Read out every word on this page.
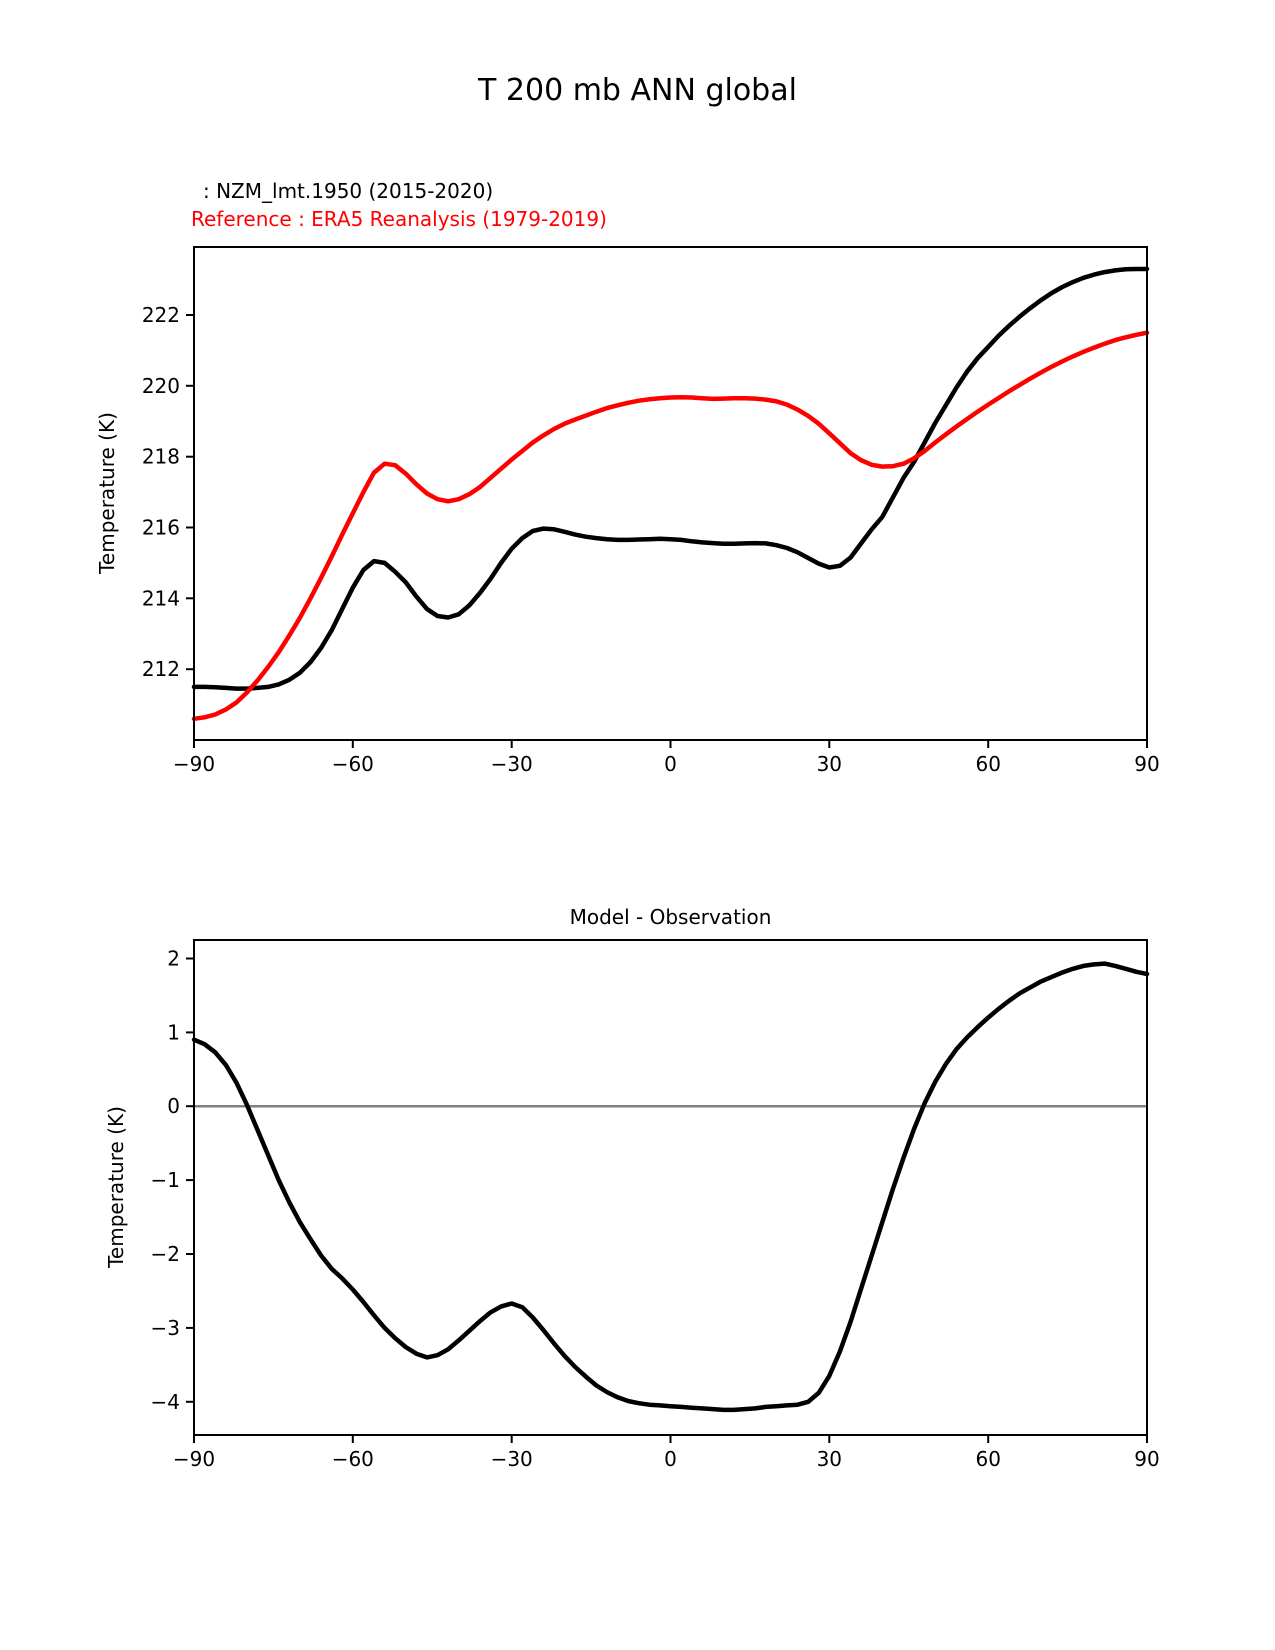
T 200 mb ANN global
: NZM_lmt.1950 (2015-2020)
Reference : ERA5 Reanalysis (1979-2019)
Temperature (K)
Temperature (K)
Model - Observation
−90	−60	−30	0	30	60	90
212
214
216
218
220
222
−90	−60	−30	0	30	60	90
2
1
0
−1
−2
−3
−4
